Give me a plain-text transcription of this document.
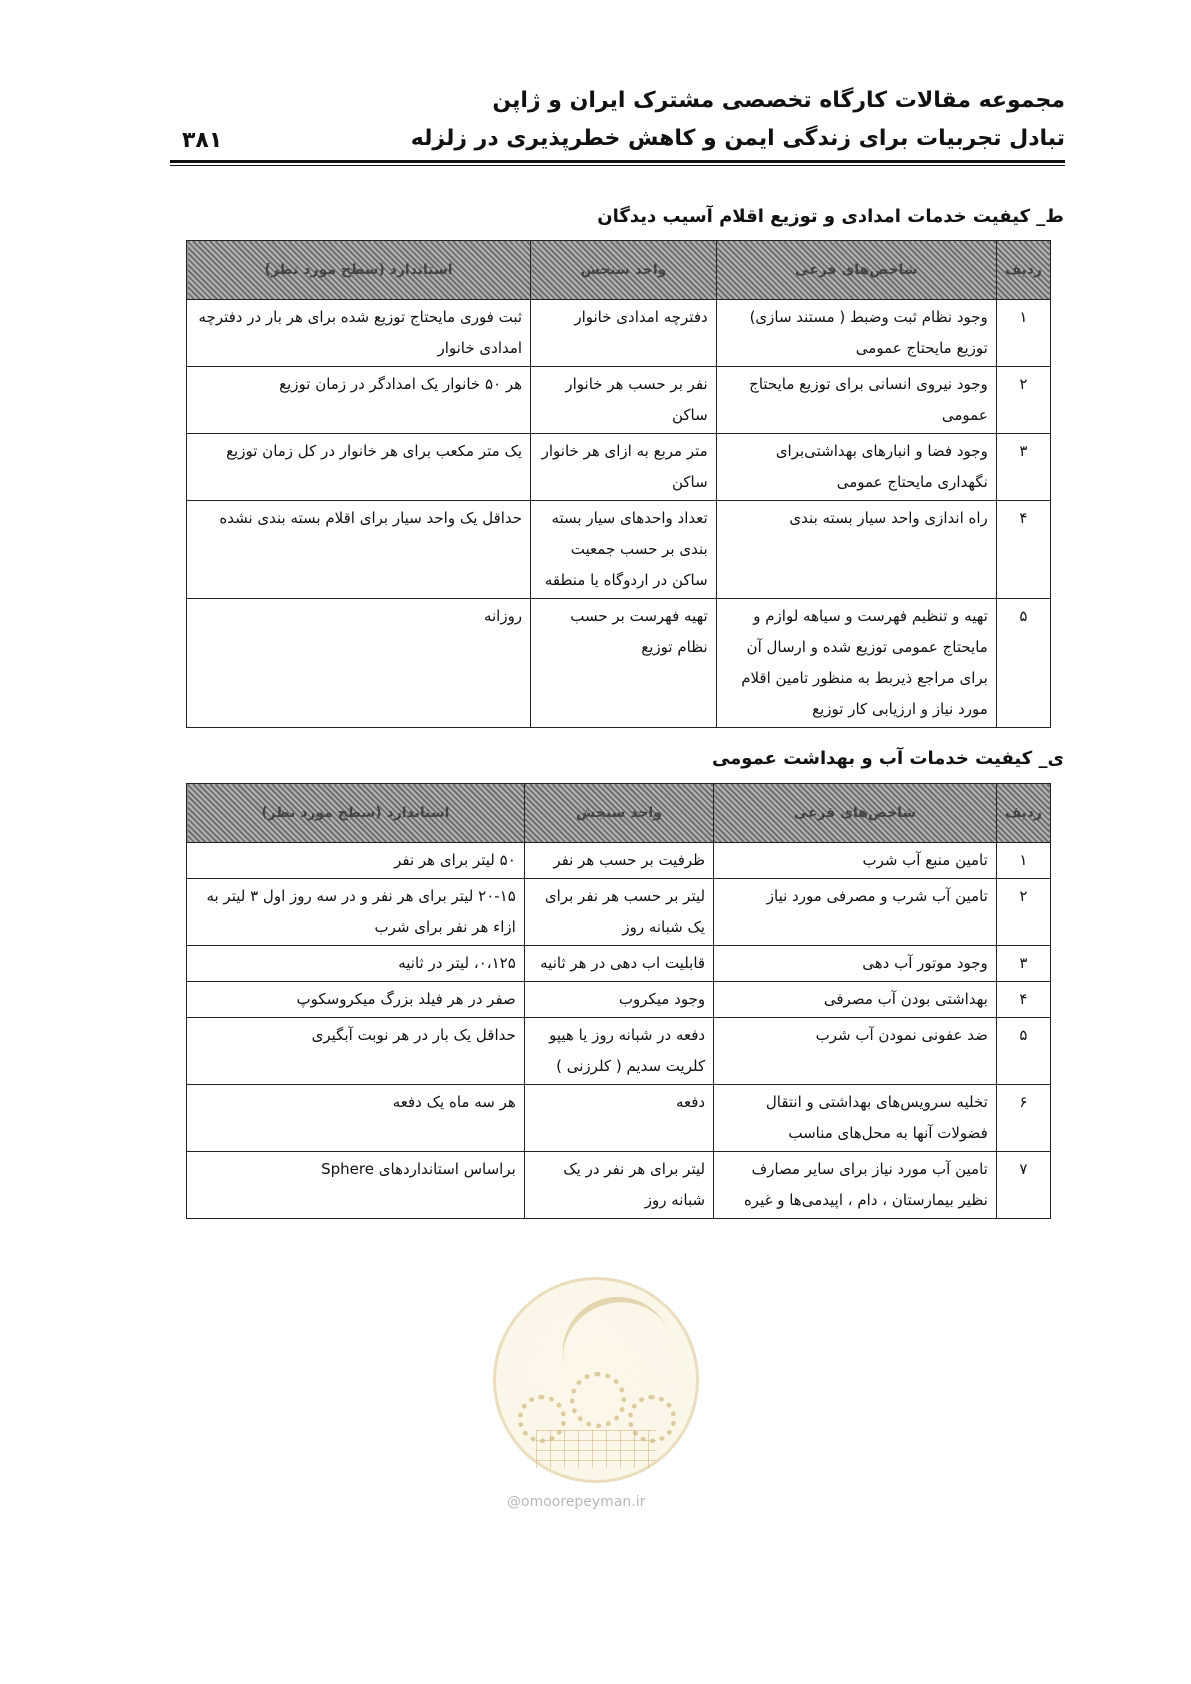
مجموعه مقالات کارگاه تخصصی مشترک ایران و ژاپن
تبادل تجربیات برای زندگی ایمن و کاهش خطرپذیری در زلزله
۳۸۱
ط_ کیفیت خدمات امدادی و توزیع اقلام آسیب دیدگان
ردیف	شاخص‌های فرعی	واحد سنجش	استاندارد (سطح مورد نظر)
۱	وجود نظام ثبت وضبط ( مستند سازی) توزیع مایحتاج عمومی	دفترچه امدادی خانوار	ثبت فوری مایحتاج توزیع شده برای هر بار در دفترچه امدادی خانوار
۲	وجود نیروی انسانی برای توزیع مایحتاج عمومی	نفر بر حسب هر خانوار ساکن	هر ۵۰ خانوار یک امدادگر در زمان توزیع
۳	وجود فضا و انبارهای بهداشتی‌برای نگهداری مایحتاج عمومی	متر مربع به ازای هر خانوار ساکن	یک متر مکعب برای هر خانوار در کل زمان توزیع
۴	راه اندازی واحد سیار بسته بندی	تعداد واحدهای سیار بسته بندی بر حسب جمعیت ساکن در اردوگاه یا منطقه	حداقل یک واحد سیار برای اقلام بسته بندی نشده
۵	تهیه و تنظیم فهرست و سیاهه لوازم و مایحتاج عمومی توزیع شده و ارسال آن برای مراجع ذیربط به منظور تامین اقلام مورد نیاز و ارزیابی کار توزیع	تهیه فهرست بر حسب نظام توزیع	روزانه
ی_ کیفیت خدمات آب و بهداشت عمومی
ردیف	شاخص‌های فرعی	واحد سنجش	استاندارد (سطح مورد نظر)
۱	تامین منبع آب شرب	ظرفیت بر حسب هر نفر	۵۰ لیتر برای هر نفر
۲	تامین آب شرب و مصرفی مورد نیاز	لیتر بر حسب هر نفر برای یک شبانه روز	۲۰-۱۵ لیتر برای هر نفر و در سه روز اول ۳ لیتر به ازاء هر نفر برای شرب
۳	وجود موتور آب دهی	قابلیت اب دهی در هر ثانیه	۰،۱۲۵، لیتر در ثانیه
۴	بهداشتی بودن آب مصرفی	وجود میکروب	صفر در هر فیلد بزرگ میکروسکوپ
۵	ضد عفونی نمودن آب شرب	دفعه در شبانه روز یا هیپو کلریت سدیم ( کلرزنی )	حداقل یک بار در هر نوبت آبگیری
۶	تخلیه سرویس‌های بهداشتی و انتقال فضولات آنها به محل‌های مناسب	دفعه	هر سه ماه یک دفعه
۷	تامین آب مورد نیاز برای سایر مصارف نظیر بیمارستان ، دام ، اپیدمی‌ها و غیره	لیتر برای هر نفر در یک شبانه روز	براساس استانداردهای Sphere
@omoorepeyman.ir
